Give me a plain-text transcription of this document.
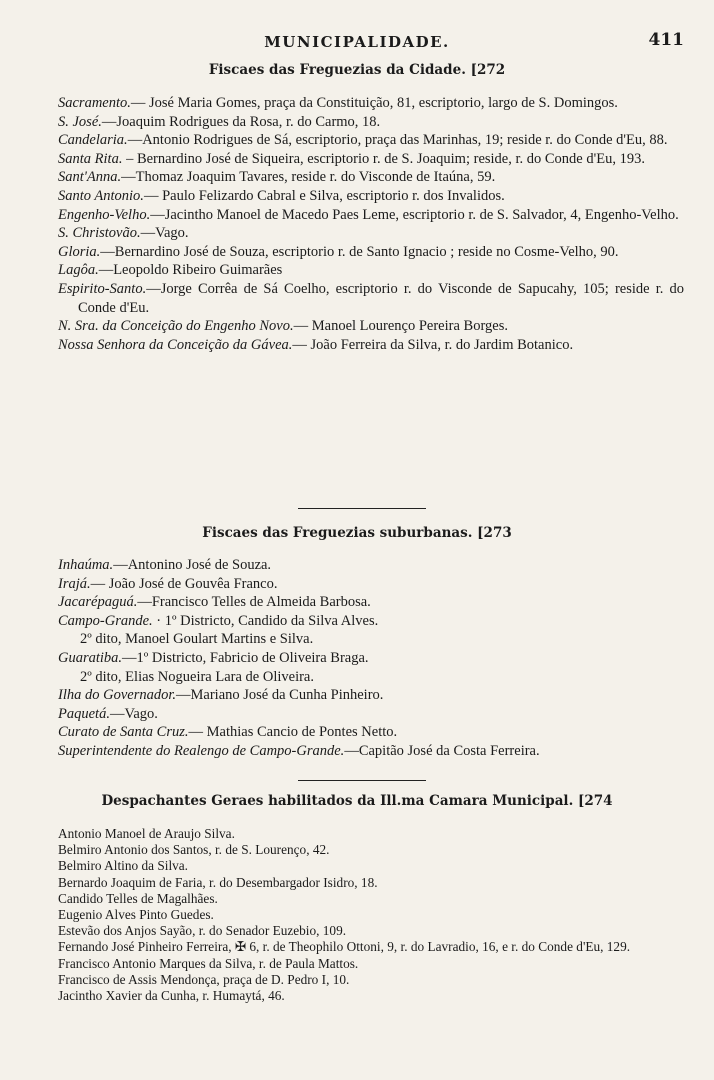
MUNICIPALIDADE.	411
Fiscaes das Freguezias da Cidade. [272
Sacramento.— José Maria Gomes, praça da Constituição, 81, escriptorio, largo de S. Domingos.
S. José.—Joaquim Rodrigues da Rosa, r. do Carmo, 18.
Candelaria.—Antonio Rodrigues de Sá, escriptorio, praça das Marinhas, 19; reside r. do Conde d'Eu, 88.
Santa Rita. – Bernardino José de Siqueira, escriptorio r. de S. Joaquim; reside, r. do Conde d'Eu, 193.
Sant'Anna.—Thomaz Joaquim Tavares, reside r. do Visconde de Itaúna, 59.
Santo Antonio.— Paulo Felizardo Cabral e Silva, escriptorio r. dos Invalidos.
Engenho-Velho.—Jacintho Manoel de Macedo Paes Leme, escriptorio r. de S. Salvador, 4, Engenho-Velho.
S. Christovão.—Vago.
Gloria.—Bernardino José de Souza, escriptorio r. de Santo Ignacio ; reside no Cosme-Velho, 90.
Lagôa.—Leopoldo Ribeiro Guimarães
Espirito-Santo.—Jorge Corrêa de Sá Coelho, escriptorio r. do Visconde de Sapucahy, 105; reside r. do Conde d'Eu.
N. Sra. da Conceição do Engenho Novo.— Manoel Lourenço Pereira Borges.
Nossa Senhora da Conceição da Gávea.— João Ferreira da Silva, r. do Jardim Botanico.
Fiscaes das Freguezias suburbanas. [273
Inhaúma.—Antonino José de Souza.
Irajá.— João José de Gouvêa Franco.
Jacarépaguá.—Francisco Telles de Almeida Barbosa.
Campo-Grande. · 1º Districto, Candido da Silva Alves.
2º dito, Manoel Goulart Martins e Silva.
Guaratiba.—1º Districto, Fabricio de Oliveira Braga.
2º dito, Elias Nogueira Lara de Oliveira.
Ilha do Governador.—Mariano José da Cunha Pinheiro.
Paquetá.—Vago.
Curato de Santa Cruz.— Mathias Cancio de Pontes Netto.
Superintendente do Realengo de Campo-Grande.—Capitão José da Costa Ferreira.
Despachantes Geraes habilitados da Ill.ma Camara Municipal. [274
Antonio Manoel de Araujo Silva.
Belmiro Antonio dos Santos, r. de S. Lourenço, 42.
Belmiro Altino da Silva.
Bernardo Joaquim de Faria, r. do Desembargador Isidro, 18.
Candido Telles de Magalhães.
Eugenio Alves Pinto Guedes.
Estevão dos Anjos Sayão, r. do Senador Euzebio, 109.
Fernando José Pinheiro Ferreira, ✠ 6, r. de Theophilo Ottoni, 9, r. do Lavradio, 16, e r. do Conde d'Eu, 129.
Francisco Antonio Marques da Silva, r. de Paula Mattos.
Francisco de Assis Mendonça, praça de D. Pedro I, 10.
Jacintho Xavier da Cunha, r. Humaytá, 46.
